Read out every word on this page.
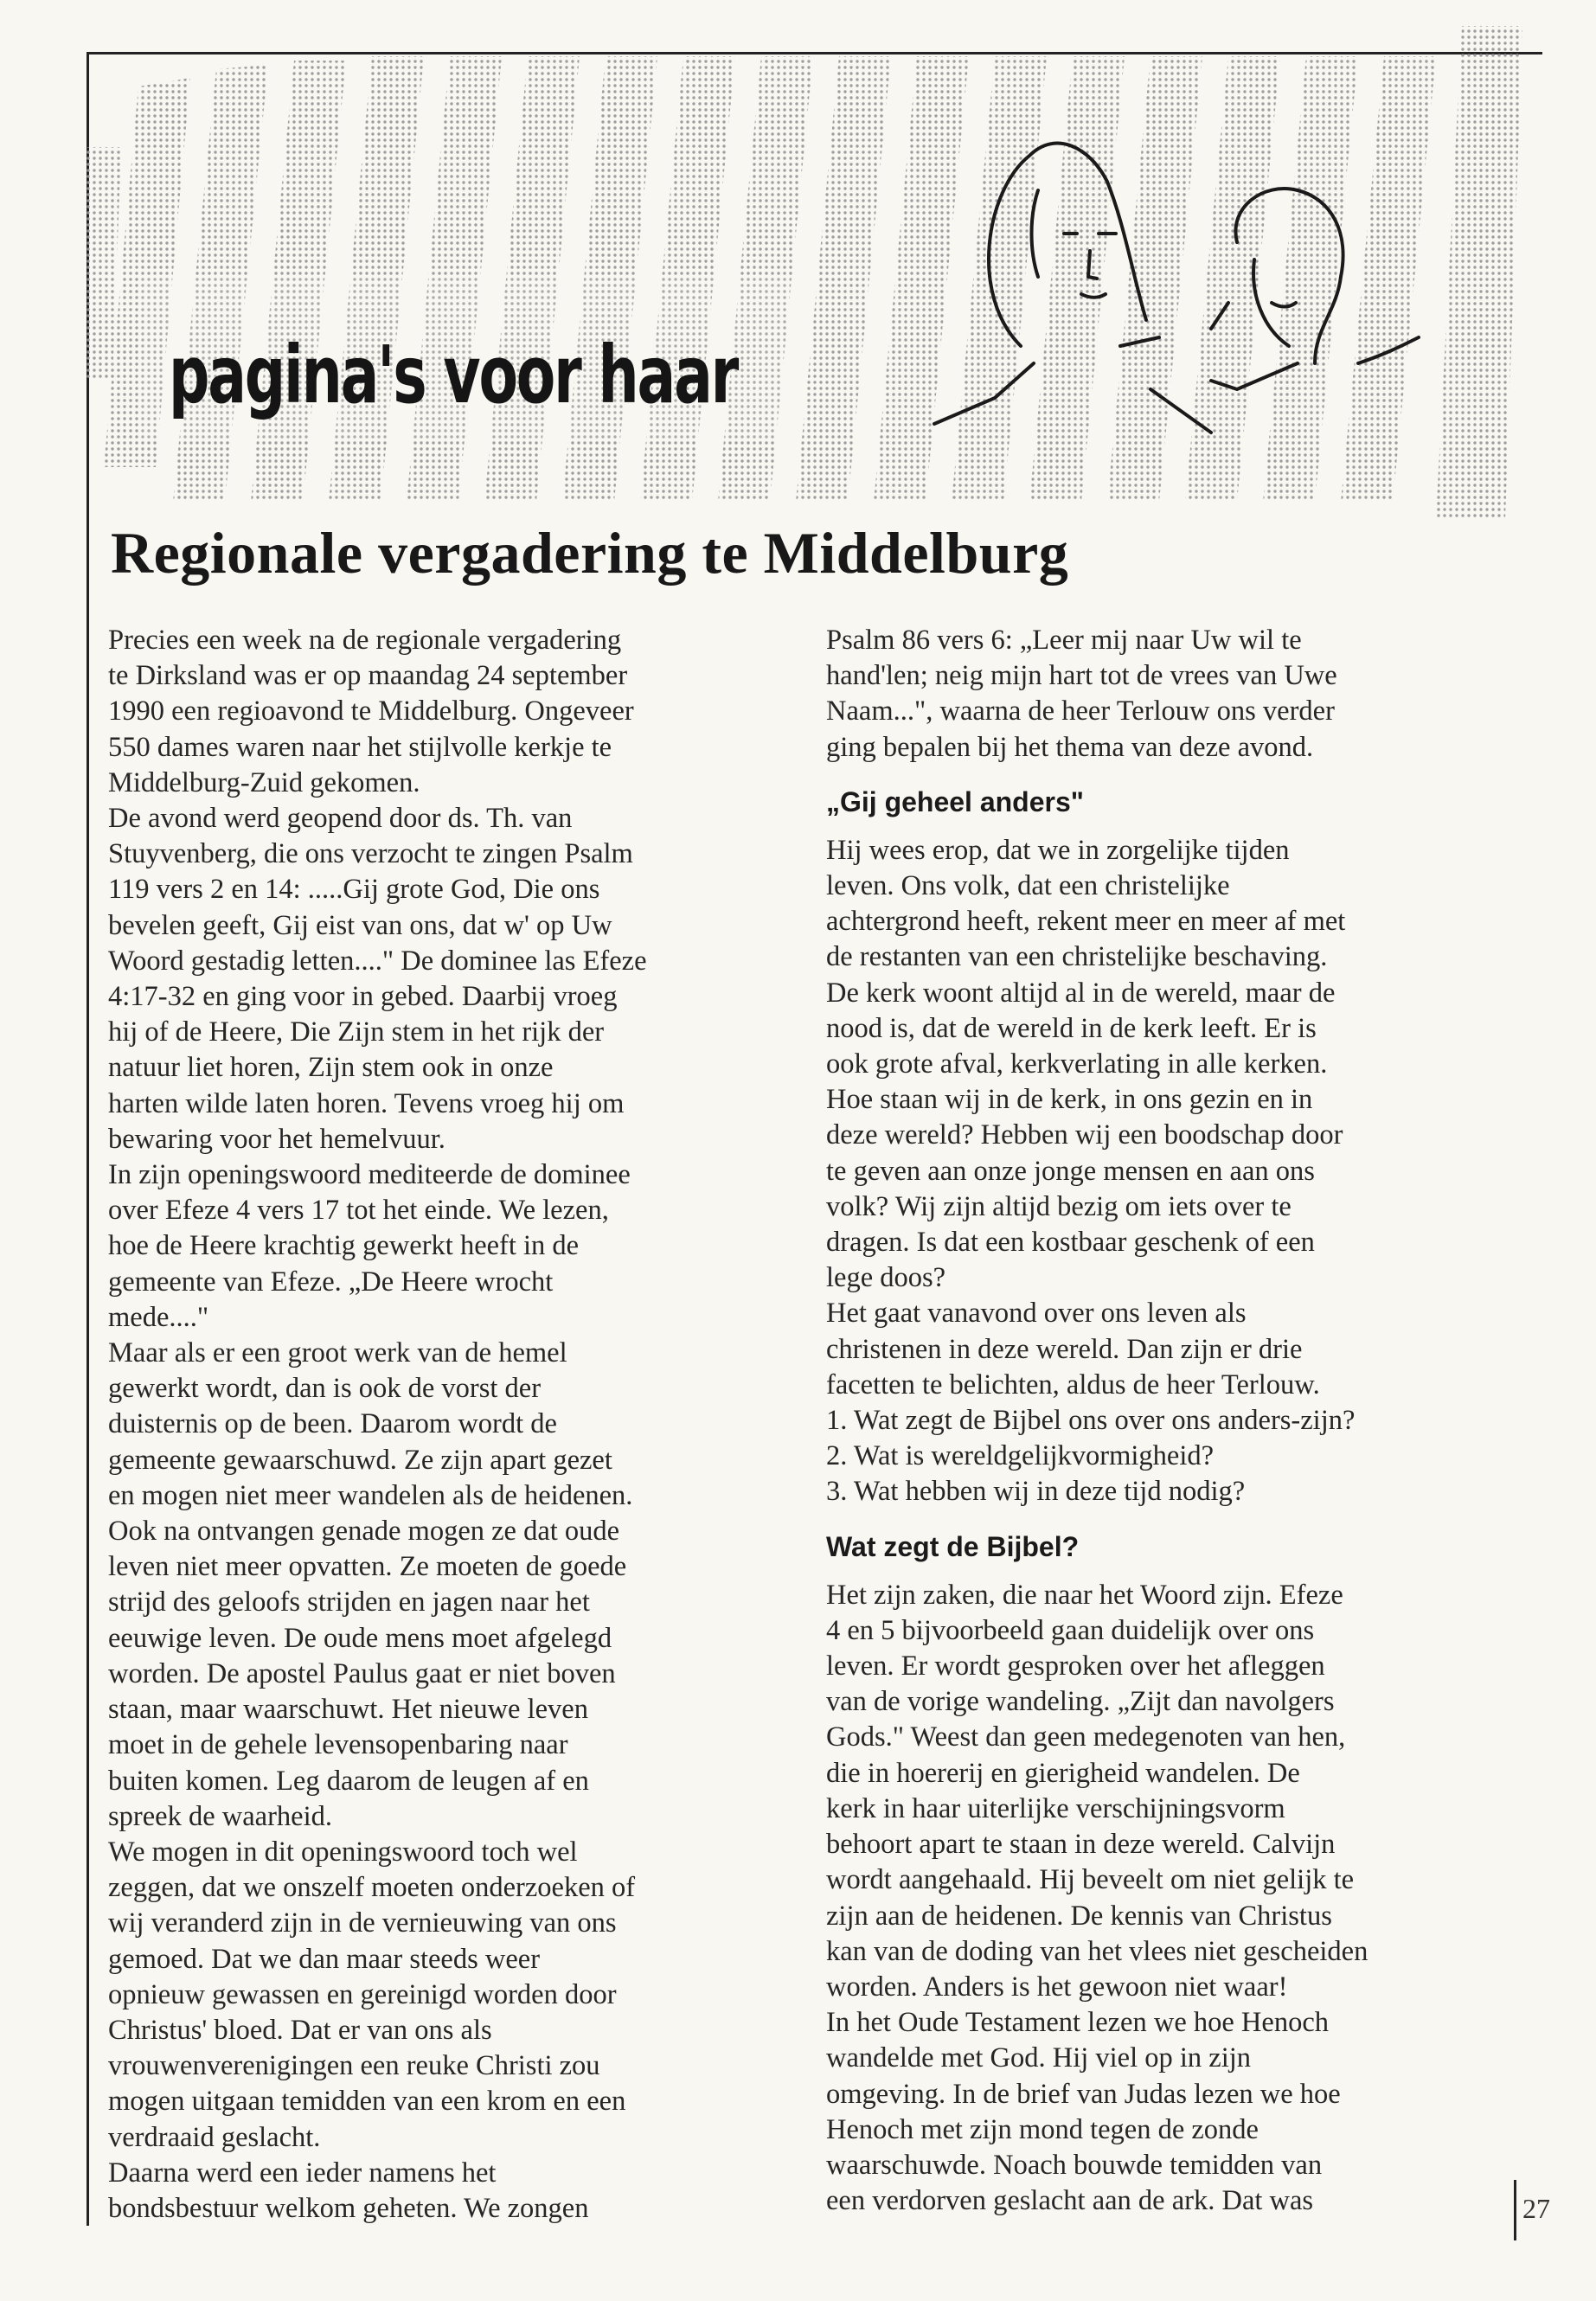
pagina's voor haar
Regionale vergadering te Middelburg

Precies een week na de regionale vergadering
te Dirksland was er op maandag 24 september
1990 een regioavond te Middelburg. Ongeveer
550 dames waren naar het stijlvolle kerkje te
Middelburg-Zuid gekomen.
De avond werd geopend door ds. Th. van
Stuyvenberg, die ons verzocht te zingen Psalm
119 vers 2 en 14: .....Gij grote God, Die ons
bevelen geeft, Gij eist van ons, dat w' op Uw
Woord gestadig letten...." De dominee las Efeze
4:17-32 en ging voor in gebed. Daarbij vroeg
hij of de Heere, Die Zijn stem in het rijk der
natuur liet horen, Zijn stem ook in onze
harten wilde laten horen. Tevens vroeg hij om
bewaring voor het hemelvuur.
In zijn openingswoord mediteerde de dominee
over Efeze 4 vers 17 tot het einde. We lezen,
hoe de Heere krachtig gewerkt heeft in de
gemeente van Efeze. „De Heere wrocht
mede...."
Maar als er een groot werk van de hemel
gewerkt wordt, dan is ook de vorst der
duisternis op de been. Daarom wordt de
gemeente gewaarschuwd. Ze zijn apart gezet
en mogen niet meer wandelen als de heidenen.
Ook na ontvangen genade mogen ze dat oude
leven niet meer opvatten. Ze moeten de goede
strijd des geloofs strijden en jagen naar het
eeuwige leven. De oude mens moet afgelegd
worden. De apostel Paulus gaat er niet boven
staan, maar waarschuwt. Het nieuwe leven
moet in de gehele levensopenbaring naar
buiten komen. Leg daarom de leugen af en
spreek de waarheid.
We mogen in dit openingswoord toch wel
zeggen, dat we onszelf moeten onderzoeken of
wij veranderd zijn in de vernieuwing van ons
gemoed. Dat we dan maar steeds weer
opnieuw gewassen en gereinigd worden door
Christus' bloed. Dat er van ons als
vrouwenverenigingen een reuke Christi zou
mogen uitgaan temidden van een krom en een
verdraaid geslacht.
Daarna werd een ieder namens het
bondsbestuur welkom geheten. We zongen

Psalm 86 vers 6: „Leer mij naar Uw wil te
hand'len; neig mijn hart tot de vrees van Uwe
Naam...", waarna de heer Terlouw ons verder
ging bepalen bij het thema van deze avond.

„Gij geheel anders"

Hij wees erop, dat we in zorgelijke tijden
leven. Ons volk, dat een christelijke
achtergrond heeft, rekent meer en meer af met
de restanten van een christelijke beschaving.
De kerk woont altijd al in de wereld, maar de
nood is, dat de wereld in de kerk leeft. Er is
ook grote afval, kerkverlating in alle kerken.
Hoe staan wij in de kerk, in ons gezin en in
deze wereld? Hebben wij een boodschap door
te geven aan onze jonge mensen en aan ons
volk? Wij zijn altijd bezig om iets over te
dragen. Is dat een kostbaar geschenk of een
lege doos?
Het gaat vanavond over ons leven als
christenen in deze wereld. Dan zijn er drie
facetten te belichten, aldus de heer Terlouw.
1. Wat zegt de Bijbel ons over ons anders-zijn?
2. Wat is wereldgelijkvormigheid?
3. Wat hebben wij in deze tijd nodig?

Wat zegt de Bijbel?

Het zijn zaken, die naar het Woord zijn. Efeze
4 en 5 bijvoorbeeld gaan duidelijk over ons
leven. Er wordt gesproken over het afleggen
van de vorige wandeling. „Zijt dan navolgers
Gods." Weest dan geen medegenoten van hen,
die in hoererij en gierigheid wandelen. De
kerk in haar uiterlijke verschijningsvorm
behoort apart te staan in deze wereld. Calvijn
wordt aangehaald. Hij beveelt om niet gelijk te
zijn aan de heidenen. De kennis van Christus
kan van de doding van het vlees niet gescheiden
worden. Anders is het gewoon niet waar!
In het Oude Testament lezen we hoe Henoch
wandelde met God. Hij viel op in zijn
omgeving. In de brief van Judas lezen we hoe
Henoch met zijn mond tegen de zonde
waarschuwde. Noach bouwde temidden van
een verdorven geslacht aan de ark. Dat was	27
